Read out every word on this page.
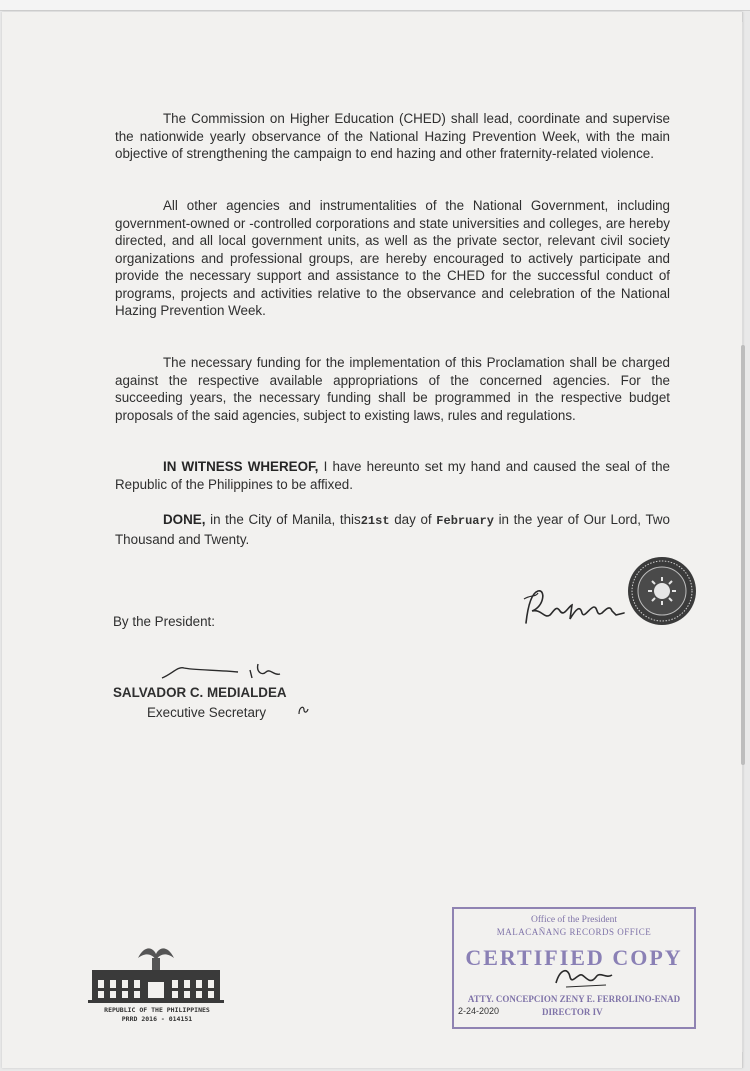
The Commission on Higher Education (CHED) shall lead, coordinate and supervise the nationwide yearly observance of the National Hazing Prevention Week, with the main objective of strengthening the campaign to end hazing and other fraternity-related violence.

All other agencies and instrumentalities of the National Government, including government-owned or -controlled corporations and state universities and colleges, are hereby directed, and all local government units, as well as the private sector, relevant civil society organizations and professional groups, are hereby encouraged to actively participate and provide the necessary support and assistance to the CHED for the successful conduct of programs, projects and activities relative to the observance and celebration of the National Hazing Prevention Week.

The necessary funding for the implementation of this Proclamation shall be charged against the respective available appropriations of the concerned agencies. For the succeeding years, the necessary funding shall be programmed in the respective budget proposals of the said agencies, subject to existing laws, rules and regulations.

IN WITNESS WHEREOF, I have hereunto set my hand and caused the seal of the Republic of the Philippines to be affixed.

DONE, in the City of Manila, this21st day of February in the year of Our Lord, Two Thousand and Twenty.

By the President:
SALVADOR C. MEDIALDEA
Executive Secretary
REPUBLIC OF THE PHILIPPINES
PRRD 2016 - 014151
Office of the President
MALACAÑANG RECORDS OFFICE
CERTIFIED COPY
ATTY. CONCEPCION ZENY E. FERROLINO-ENAD
2-24-2020	DIRECTOR IV
